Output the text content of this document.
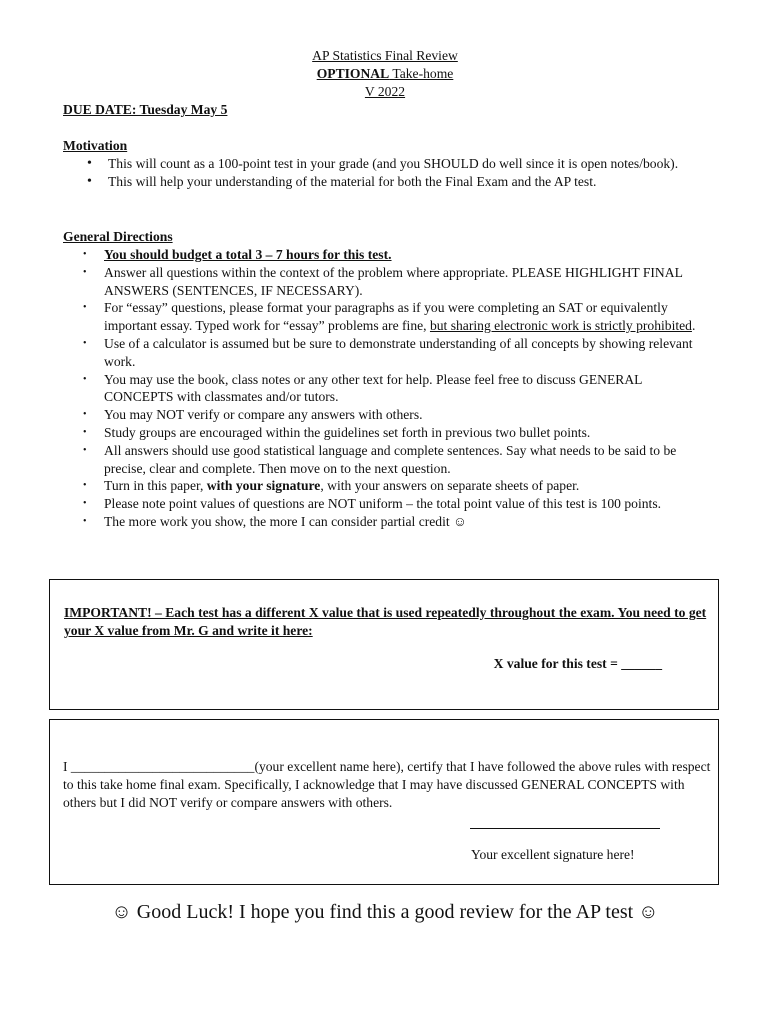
AP Statistics Final Review
OPTIONAL Take-home
V 2022
DUE DATE: Tuesday May 5
Motivation
• This will count as a 100-point test in your grade (and you SHOULD do well since it is open notes/book).
• This will help your understanding of the material for both the Final Exam and the AP test.
General Directions
• You should budget a total 3 – 7 hours for this test.
• Answer all questions within the context of the problem where appropriate. PLEASE HIGHLIGHT FINAL ANSWERS (SENTENCES, IF NECESSARY).
• For “essay” questions, please format your paragraphs as if you were completing an SAT or equivalently important essay. Typed work for “essay” problems are fine, but sharing electronic work is strictly prohibited.
• Use of a calculator is assumed but be sure to demonstrate understanding of all concepts by showing relevant work.
• You may use the book, class notes or any other text for help. Please feel free to discuss GENERAL CONCEPTS with classmates and/or tutors.
• You may NOT verify or compare any answers with others.
• Study groups are encouraged within the guidelines set forth in previous two bullet points.
• All answers should use good statistical language and complete sentences. Say what needs to be said to be precise, clear and complete. Then move on to the next question.
• Turn in this paper, with your signature, with your answers on separate sheets of paper.
• Please note point values of questions are NOT uniform – the total point value of this test is 100 points.
• The more work you show, the more I can consider partial credit ☺
IMPORTANT! – Each test has a different X value that is used repeatedly throughout the exam. You need to get your X value from Mr. G and write it here:
X value for this test = ______
I ___________________________(your excellent name here), certify that I have followed the above rules with respect to this take home final exam. Specifically, I acknowledge that I may have discussed GENERAL CONCEPTS with others but I did NOT verify or compare answers with others.
Your excellent signature here!
☺ Good Luck! I hope you find this a good review for the AP test ☺
